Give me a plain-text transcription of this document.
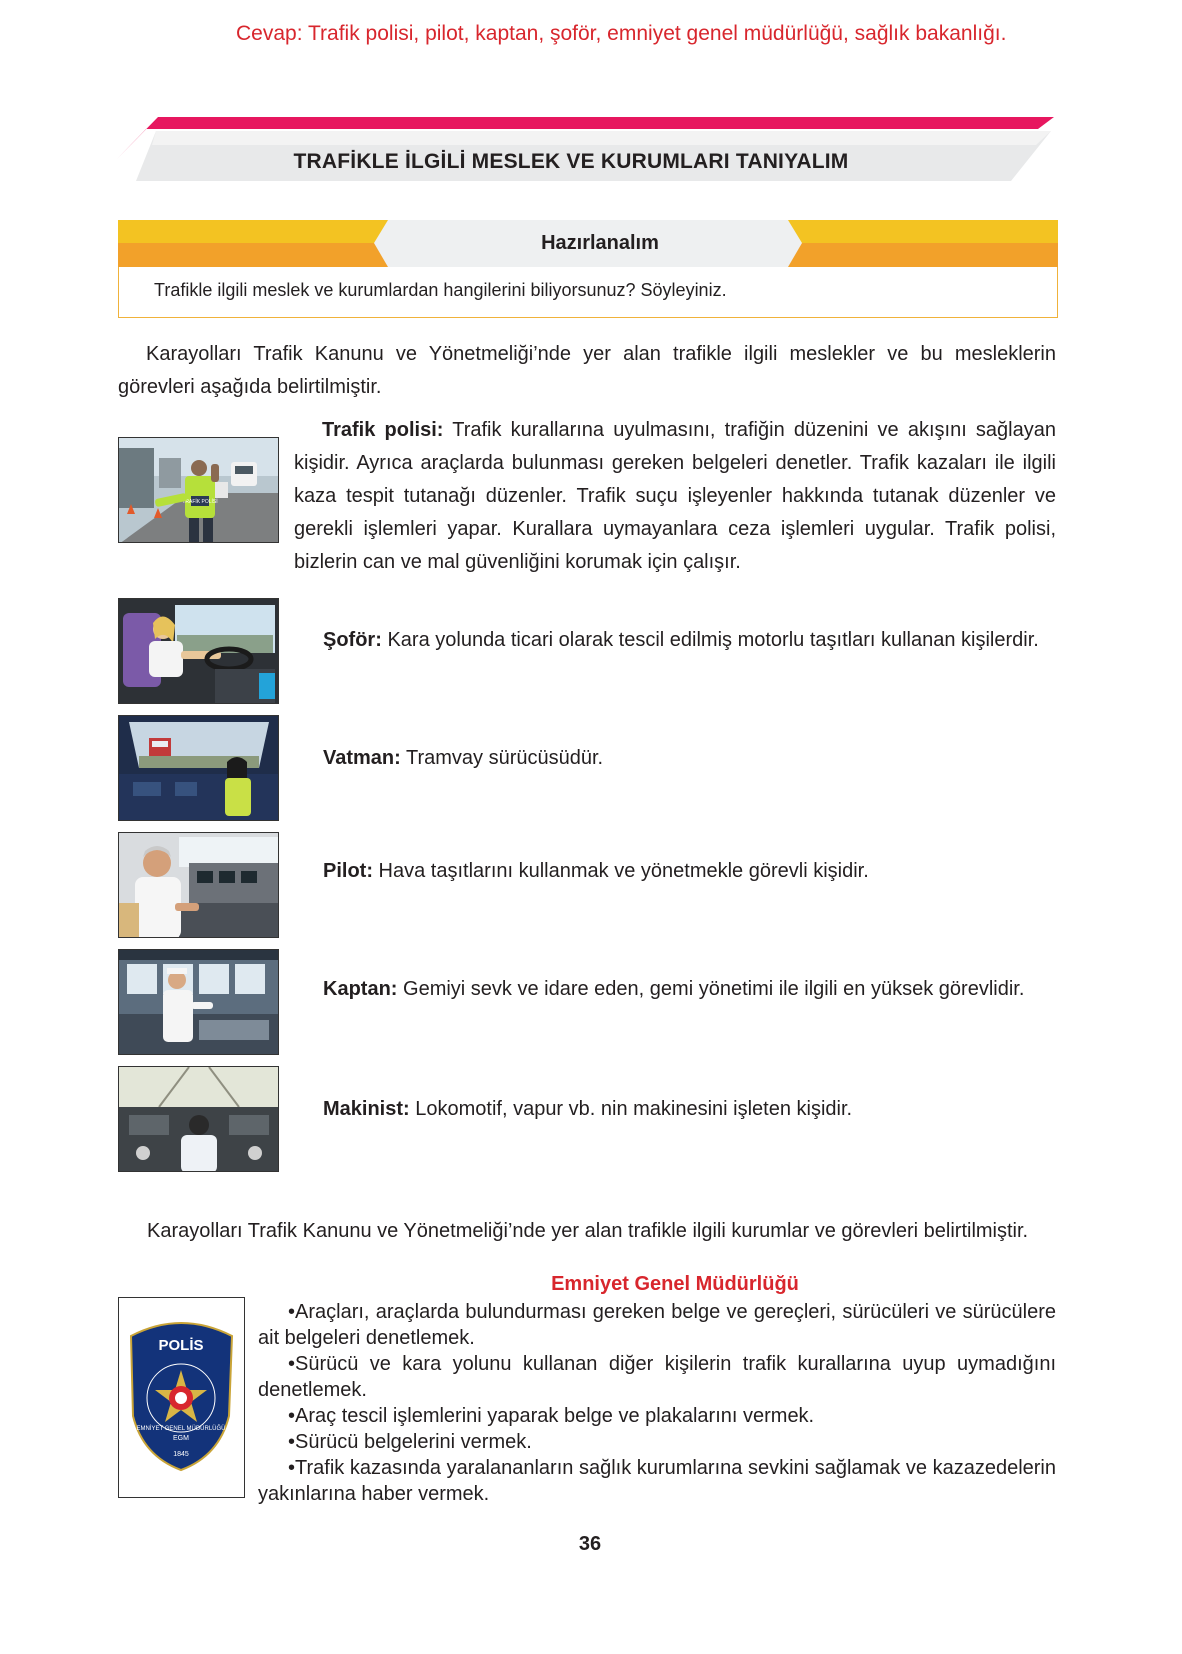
Cevap: Trafik polisi, pilot, kaptan, şoför, emniyet genel müdürlüğü, sağlık bakanlığı.
TRAFİKLE İLGİLİ MESLEK VE KURUMLARI TANIYALIM
Hazırlanalım
Trafikle ilgili meslek ve kurumlardan hangilerini biliyorsunuz? Söyleyiniz.
Karayolları Trafik Kanunu ve Yönetmeliği’nde yer alan trafikle ilgili meslekler ve bu mesleklerin görevleri aşağıda belirtilmiştir.
TRAFİK POLİSİ
Trafik polisi: Trafik kurallarına uyulmasını, trafiğin düzenini ve akışını sağlayan kişidir. Ayrıca araçlarda bulunması gereken belgeleri denetler. Trafik kazaları ile ilgili kaza tespit tutanağı düzenler. Trafik suçu işleyenler hakkında tutanak düzenler ve gerekli işlemleri yapar. Kurallara uymayanlara ceza işlemleri uygular. Trafik polisi, bizlerin can ve mal güvenliğini korumak için çalışır.
Şoför: Kara yolunda ticari olarak tescil edilmiş motorlu taşıtları kullanan kişilerdir.
Vatman: Tramvay sürücüsüdür.
Pilot: Hava taşıtlarını kullanmak ve yönetmekle görevli kişidir.
Kaptan: Gemiyi sevk ve idare eden, gemi yönetimi ile ilgili en yüksek görevlidir.
Makinist: Lokomotif, vapur vb. nin makinesini işleten kişidir.
Karayolları Trafik Kanunu ve Yönetmeliği’nde yer alan trafikle ilgili kurumlar ve görevleri belirtilmiştir.
Emniyet Genel Müdürlüğü
POLİS
EMNİYET GENEL MÜDÜRLÜĞÜ
EGM
1845
• Araçları, araçlarda bulundurması gereken belge ve gereçleri, sürücüleri ve sürücülere ait belgeleri denetlemek.
• Sürücü ve kara yolunu kullanan diğer kişilerin trafik kurallarına uyup uymadığını denetlemek.
• Araç tescil işlemlerini yaparak belge ve plakalarını vermek.
• Sürücü belgelerini vermek.
• Trafik kazasında yaralananların sağlık kurumlarına sevkini sağlamak ve kazazedelerin yakınlarına haber vermek.
36
